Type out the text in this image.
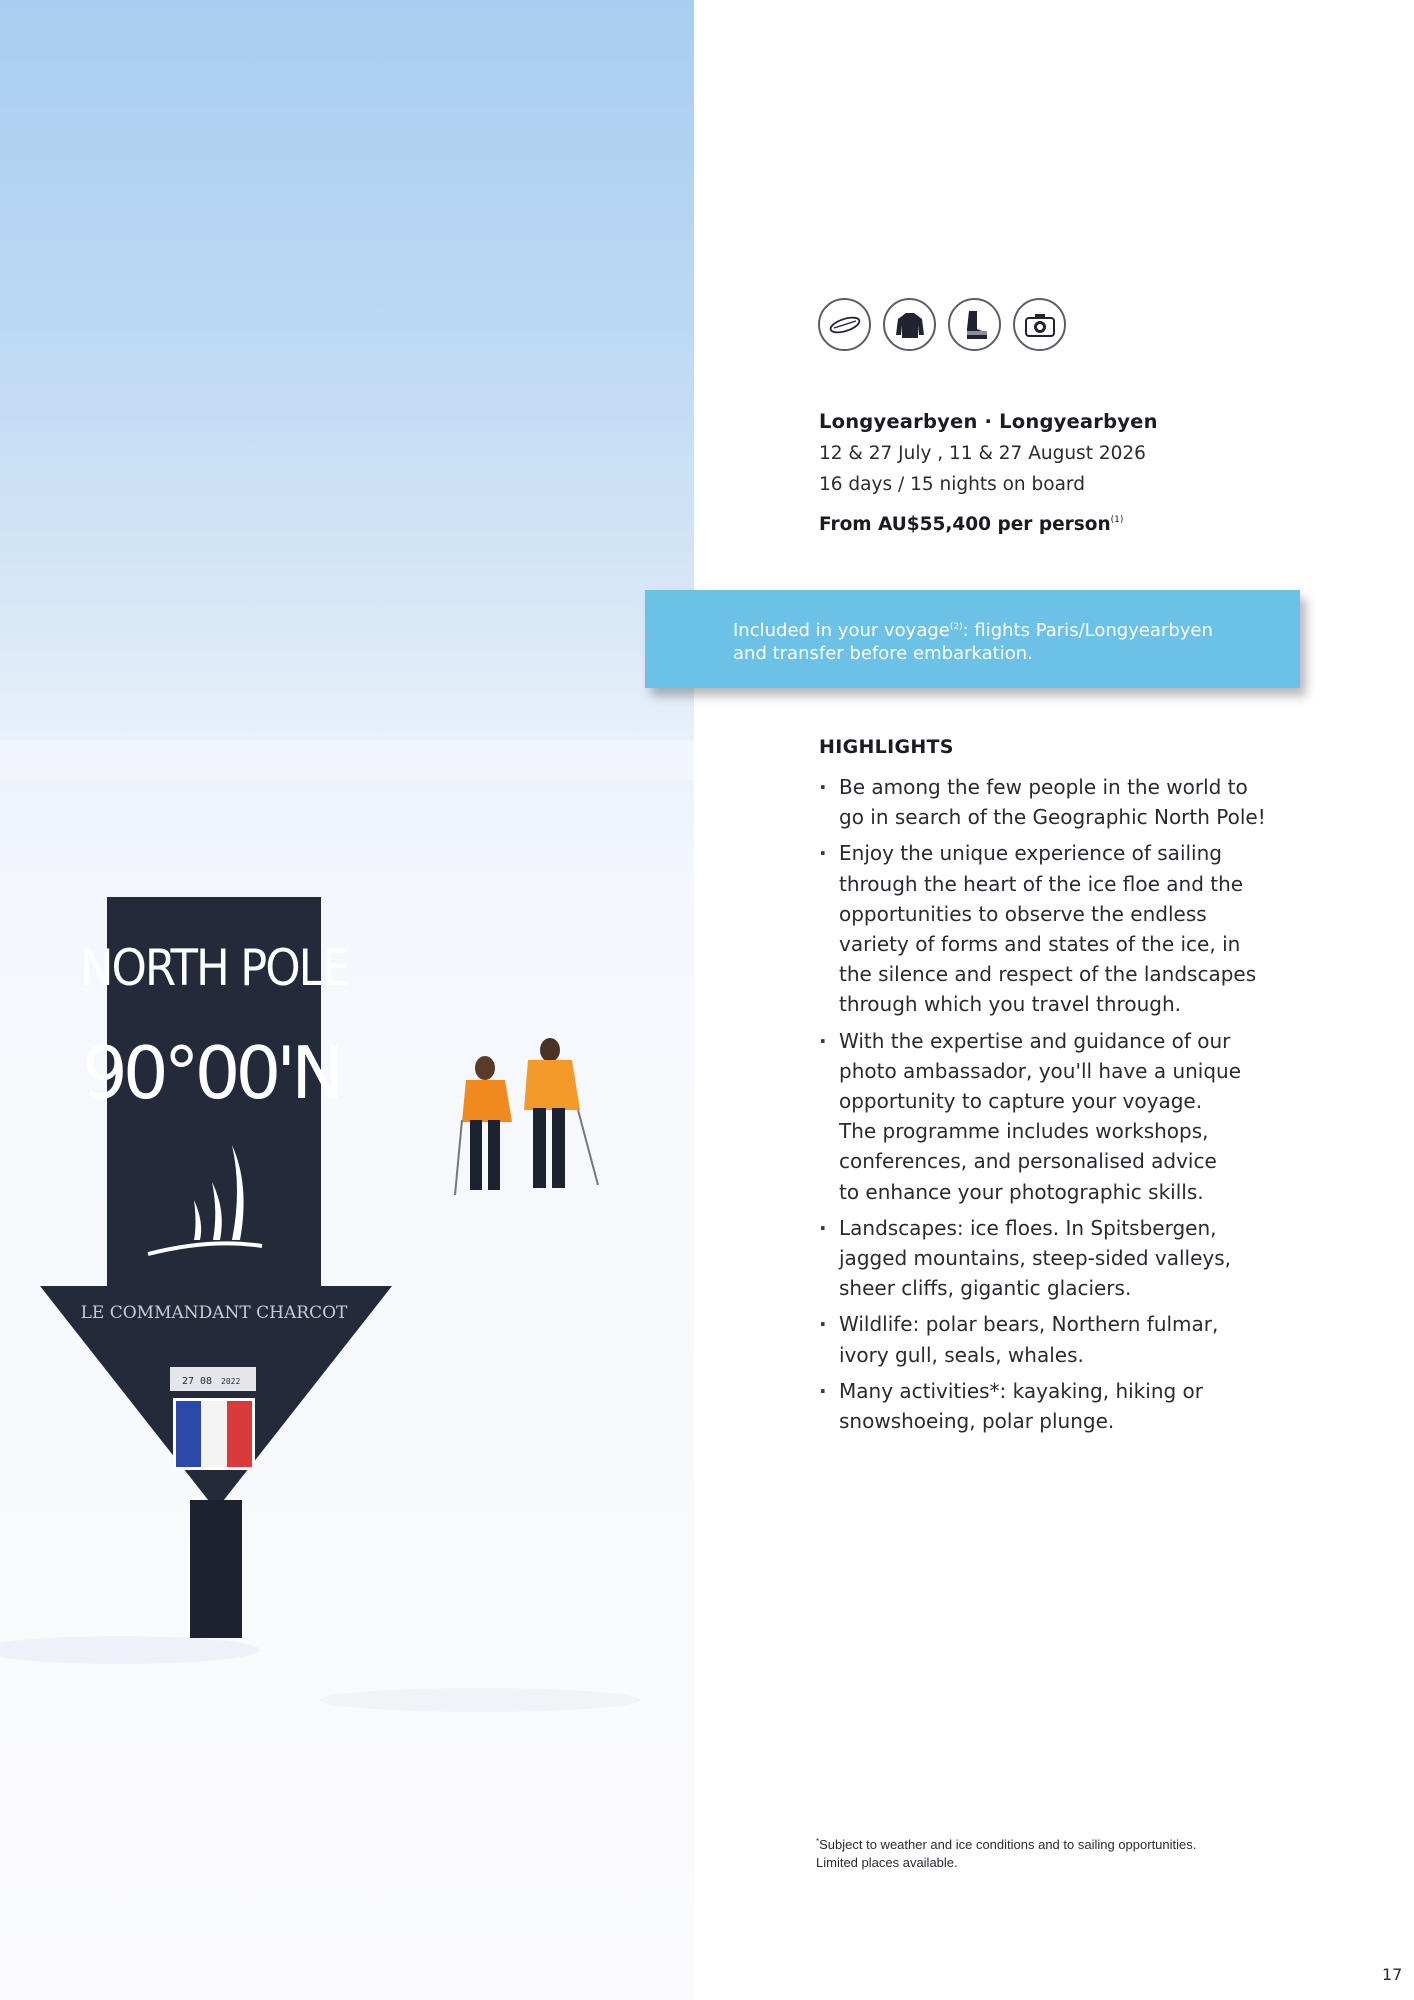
NORTH POLE
90°00'N
LE COMMANDANT CHARCOT
27 08 2022

Longyearbyen · Longyearbyen

12 & 27 July , 11 & 27 August 2026

16 days / 15 nights on board

From AU$55,400 per person$^{(1)}$

Included in your voyage$^{(2)}$: flights Paris/Longyearbyen
and transfer before embarkation.
HIGHLIGHTS
· Be among the few people in the world to
go in search of the Geographic North Pole!
· Enjoy the unique experience of sailing
through the heart of the ice floe and the
opportunities to observe the endless
variety of forms and states of the ice, in
the silence and respect of the landscapes
through which you travel through.
· With the expertise and guidance of our
photo ambassador, you'll have a unique
opportunity to capture your voyage.
The programme includes workshops,
conferences, and personalised advice
to enhance your photographic skills.
· Landscapes: ice floes. In Spitsbergen,
jagged mountains, steep-sided valleys,
sheer cliffs, gigantic glaciers.
· Wildlife: polar bears, Northern fulmar,
ivory gull, seals, whales.
· Many activities*: kayaking, hiking or
snowshoeing, polar plunge.
*Subject to weather and ice conditions and to sailing opportunities.
Limited places available.
17
